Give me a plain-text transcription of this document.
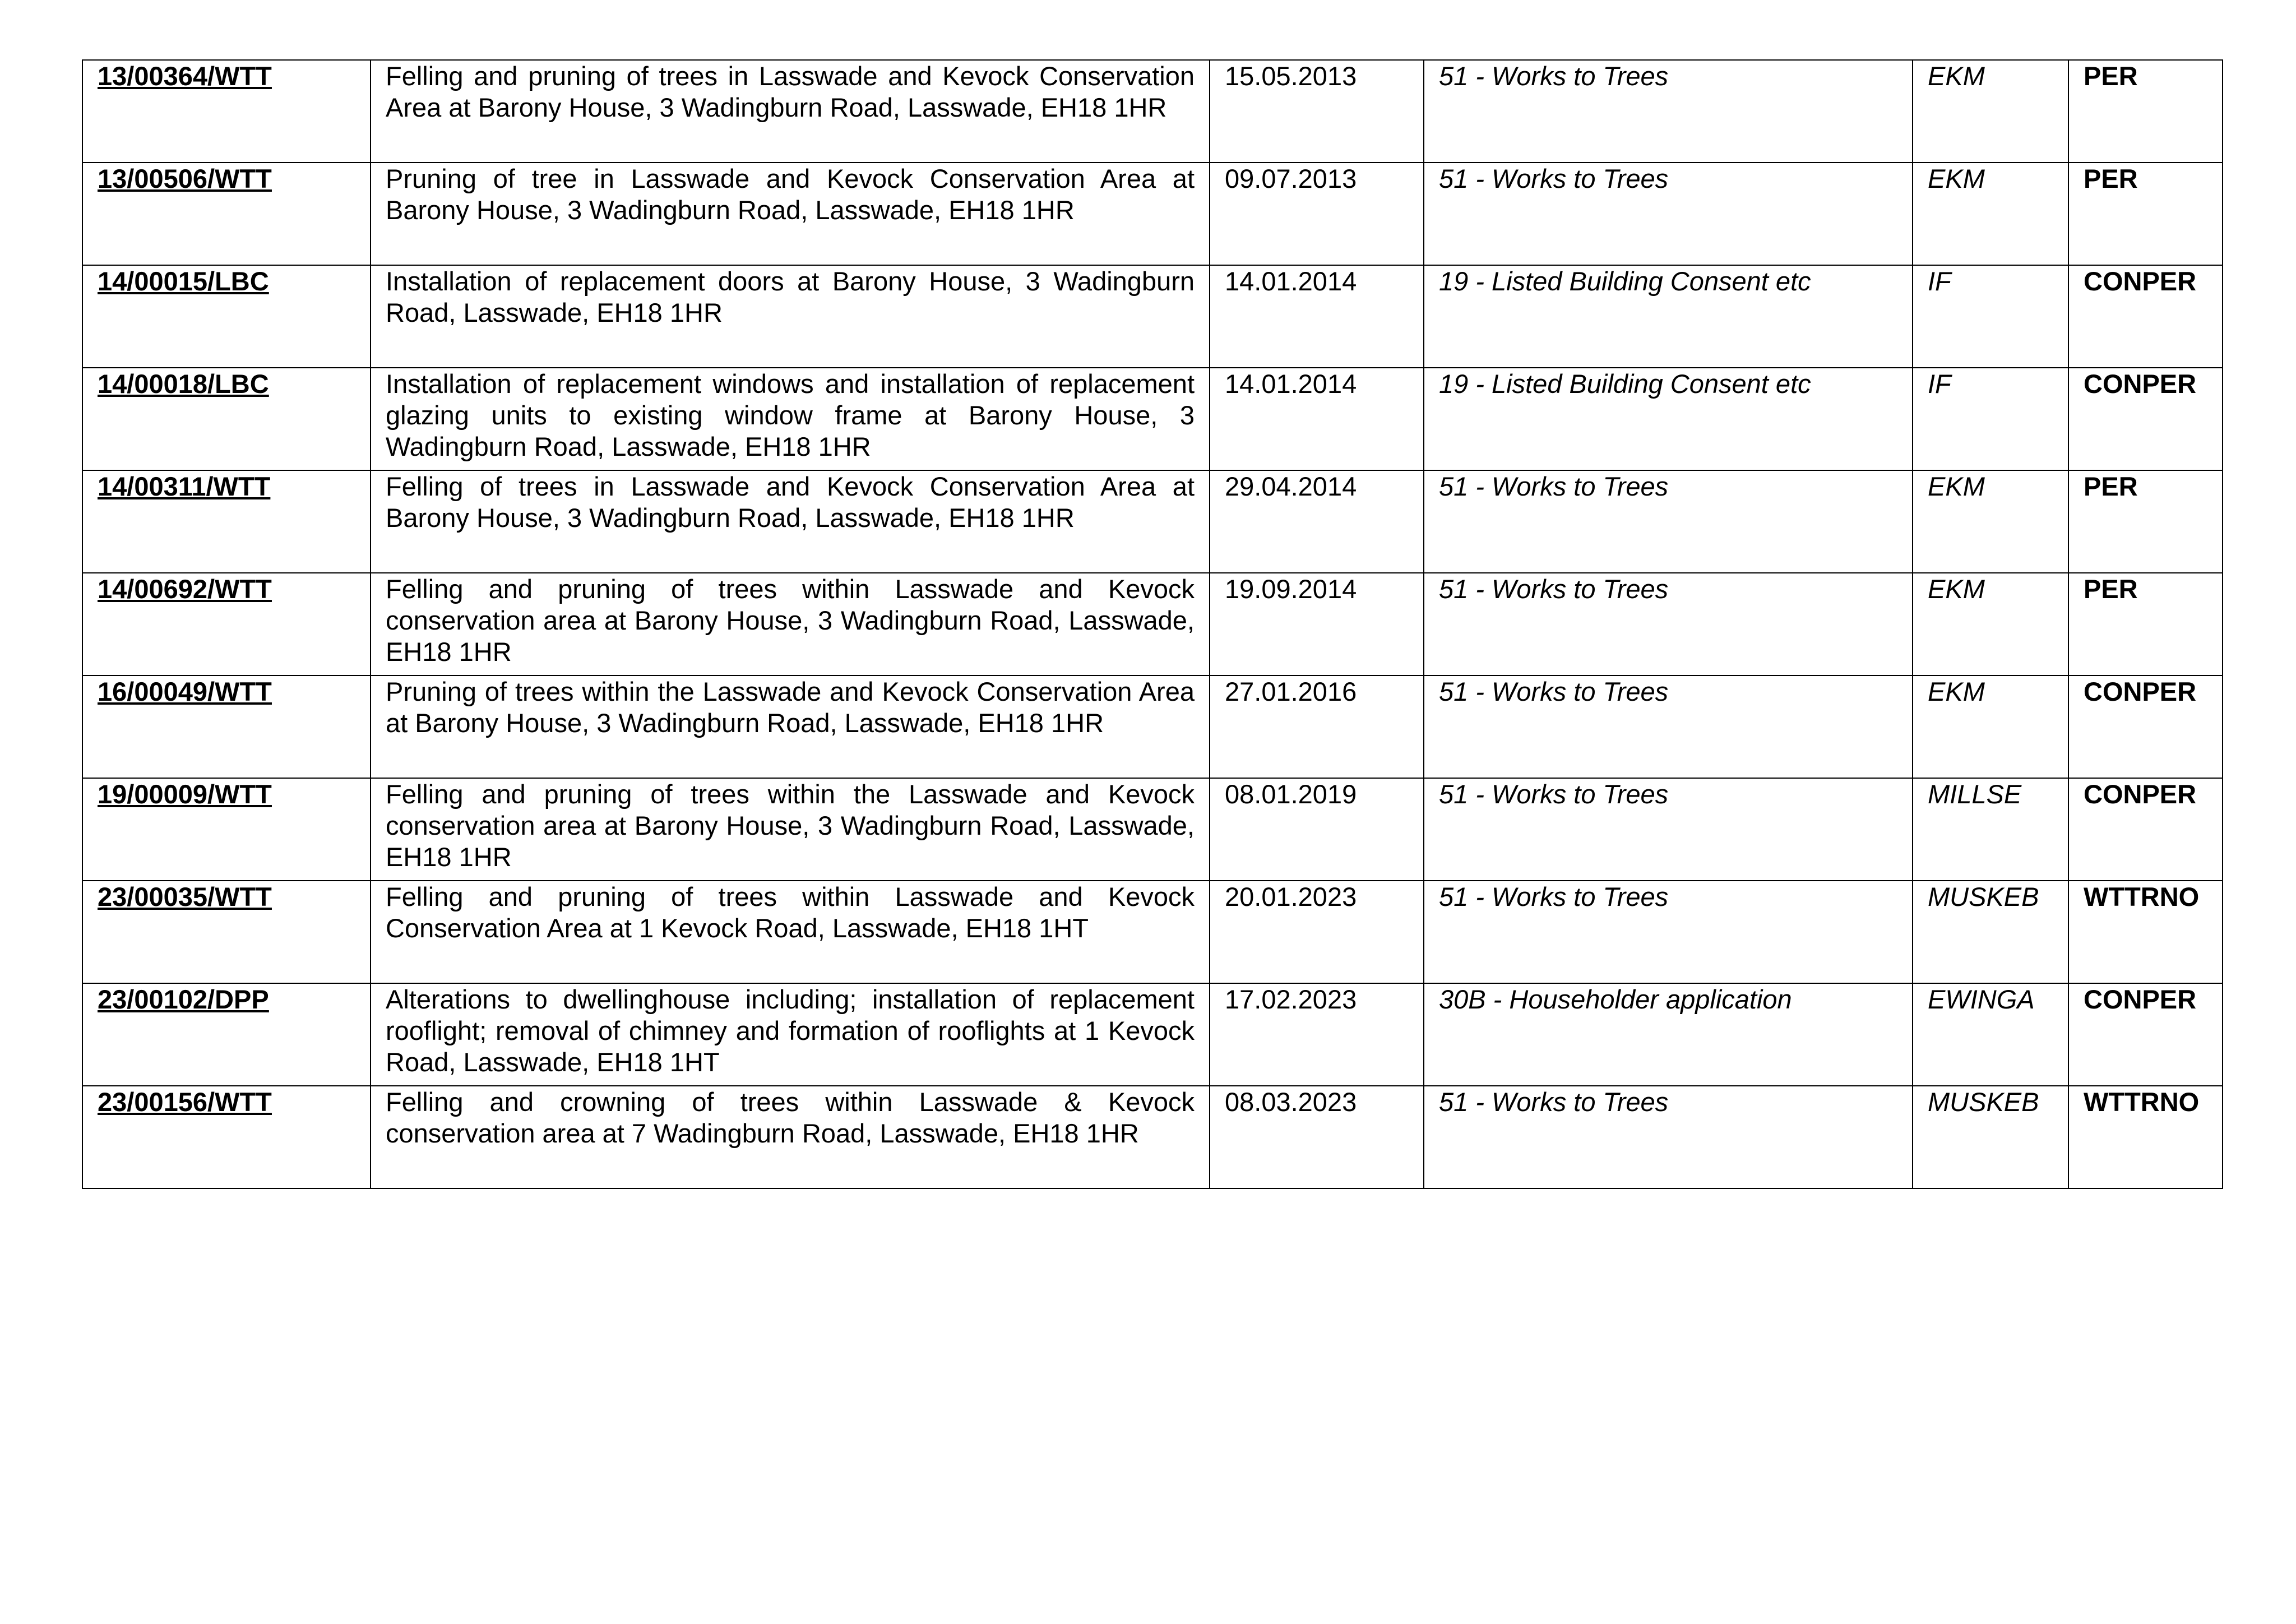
13/00364/WTT	Felling and pruning of trees in Lasswade and Kevock Conservation Area at Barony House, 3 Wadingburn Road, Lasswade, EH18 1HR	15.05.2013	51 - Works to Trees	EKM	PER
13/00506/WTT	Pruning of tree in Lasswade and Kevock Conservation Area at Barony House, 3 Wadingburn Road, Lasswade, EH18 1HR	09.07.2013	51 - Works to Trees	EKM	PER
14/00015/LBC	Installation of replacement doors at Barony House, 3 Wadingburn Road, Lasswade, EH18 1HR	14.01.2014	19 - Listed Building Consent etc	IF	CONPER
14/00018/LBC	Installation of replacement windows and installation of replacement glazing units to existing window frame at Barony House, 3 Wadingburn Road, Lasswade, EH18 1HR	14.01.2014	19 - Listed Building Consent etc	IF	CONPER
14/00311/WTT	Felling of trees in Lasswade and Kevock Conservation Area at Barony House, 3 Wadingburn Road, Lasswade, EH18 1HR	29.04.2014	51 - Works to Trees	EKM	PER
14/00692/WTT	Felling and pruning of trees within Lasswade and Kevock conservation area at Barony House, 3 Wadingburn Road, Lasswade, EH18 1HR	19.09.2014	51 - Works to Trees	EKM	PER
16/00049/WTT	Pruning of trees within the Lasswade and Kevock Conservation Area at Barony House, 3 Wadingburn Road, Lasswade, EH18 1HR	27.01.2016	51 - Works to Trees	EKM	CONPER
19/00009/WTT	Felling and pruning of trees within the Lasswade and Kevock conservation area at Barony House, 3 Wadingburn Road, Lasswade, EH18 1HR	08.01.2019	51 - Works to Trees	MILLSE	CONPER
23/00035/WTT	Felling and pruning of trees within Lasswade and Kevock Conservation Area at 1 Kevock Road, Lasswade, EH18 1HT	20.01.2023	51 - Works to Trees	MUSKEB	WTTRNO
23/00102/DPP	Alterations to dwellinghouse including; installation of replacement rooflight; removal of chimney and formation of rooflights at 1 Kevock Road, Lasswade, EH18 1HT	17.02.2023	30B - Householder application	EWINGA	CONPER
23/00156/WTT	Felling and crowning of trees within Lasswade & Kevock conservation area at 7 Wadingburn Road, Lasswade, EH18 1HR	08.03.2023	51 - Works to Trees	MUSKEB	WTTRNO
